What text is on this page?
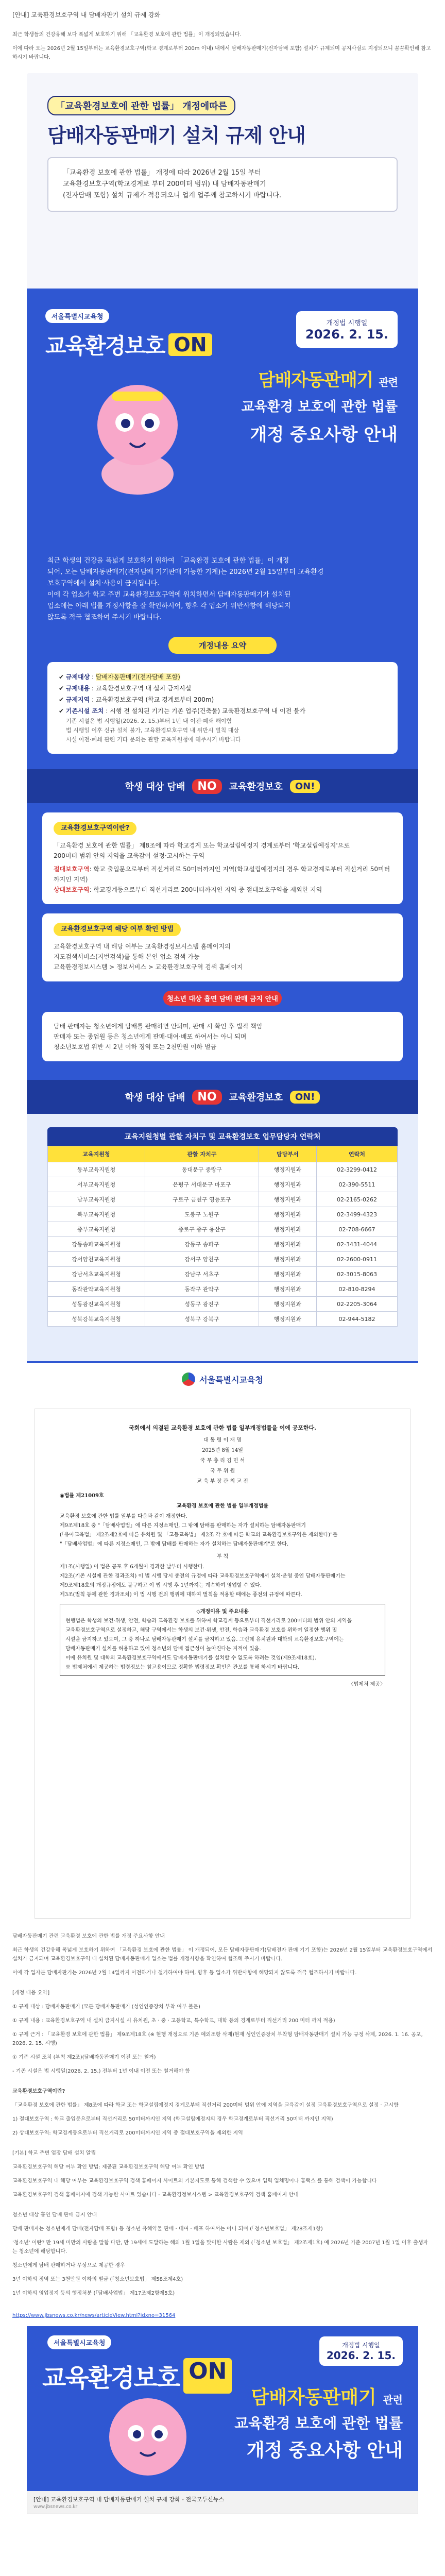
[안내] 교육환경보호구역 내 담배자판기 설치 규제 강화

최근 학생들의 건강유해 보다 폭넓게 보호하기 위해 「교육환경 보호에 관한 법률」이 개정되었습니다.

이에 따라 오는 2026년 2월 15일부터는 교육환경보호구역(학교 경계로부터 200m 이내) 내에서 담배자동판매기(전자담배 포함) 설치가 규제되며 공지사실로 지정되으니 꼼꼼확인해 참고하시기 바랍니다.

「교육환경보호에 관한 법률」 개정에따른
담배자동판매기 설치 규제 안내
「교육환경 보호에 관한 법률」 개정에 따라 2026년 2월 15일 부터
교육환경보호구역(학교경계로 부터 200미터 범위) 내 담배자동판매기
(전자담배 포함) 설치 규제가 적용되오니 업계 업주께 참고하시기 바랍니다.
서울특별시교육청
교육환경보호 ON
개정법 시행일
2026. 2. 15.
담배자동판매기 관련
교육환경 보호에 관한 법률
개정 중요사항 안내
최근 학생의 건강을 폭넓게 보호하기 위하여 「교육환경 보호에 관한 법률」이 개정
되어, 오는 담배자동판매기(전자담배 기기판매 가능한 기계)는 2026년 2월 15일부터 교육환경
보호구역에서 설치·사용이 금지됩니다.
이에 각 업소가 학교 주변 교육환경보호구역에 위치하면서 담배자동판매기가 설치된
업소에는 아래 법률 개정사항을 잘 확인하시어, 향후 각 업소가 위반사항에 해당되지
않도록 적극 협조하여 주시기 바랍니다.
개정내용 요약
✔ 규제대상 : 담배자동판매기(전자담배 포함)
✔ 규제내용 : 교육환경보호구역 내 설치 금지시설
✔ 규제지역 : 교육환경보호구역 (학교 경계로부터 200m)
✔ 기존시설 조치 : 시행 전 설치된 기기는 기존 업주(건축물) 교육환경보호구역 내 이전 불가
기존 시설은 법 시행일(2026. 2. 15.)부터 1년 내 이전·폐쇄 해야함
법 시행일 이후 신규 설치 불가, 교육환경보호구역 내 위반시 벌칙 대상
시설 이전·폐쇄 관련 기타 문의는 관할 교육지원청에 해주시기 바랍니다
학생 대상 담배	NO	교육환경보호	ON!
교육환경보호구역이란?
「교육환경 보호에 관한 법률」 제8조에 따라 학교경계 또는 학교설립예정지 경계로부터 '학교설립예정지'으로
200미터 범위 안의 지역을 교육감이 설정·고시하는 구역
절대보호구역: 학교 출입문으로부터 직선거리로 50미터까지인 지역(학교설립예정지의 경우 학교경계로부터 직선거리 50미터까지인 지역)
상대보호구역: 학교경계등으로부터 직선거리로 200미터까지인 지역 중 절대보호구역을 제외한 지역
교육환경보호구역 해당 여부 확인 방법
교육환경보호구역 내 해당 여부는 교육환경정보시스템 홈페이지의
지도검색서비스(지번검색)를 통해 본인 업소 검색 가능
교육환경정보시스템 > 정보서비스 > 교육환경보호구역 검색 홈페이지
청소년 대상 흡연 담배 판매 금지 안내
담배 판매자는 청소년에게 담배를 판매하면 안되며, 판매 시 확인 후 법적 책임
판매자 또는 종업원 등은 청소년에게 판매·대여·배포 하여서는 아니 되며
청소년보호법 위반 시 2년 이하 징역 또는 2천만원 이하 벌금
학생 대상 담배	NO	교육환경보호	ON!
교육지원청별 관할 자치구 및 교육환경보호 업무담당자 연락처
교육지원청	관할 자치구	담당부서	연락처
동부교육지원청	동대문구 중랑구	행정지원과	02-3299-0412
서부교육지원청	은평구 서대문구 마포구	행정지원과	02-390-5511
남부교육지원청	구로구 금천구 영등포구	행정지원과	02-2165-0262
북부교육지원청	도봉구 노원구	행정지원과	02-3499-4323
중부교육지원청	종로구 중구 용산구	행정지원과	02-708-6667
강동송파교육지원청	강동구 송파구	행정지원과	02-3431-4044
강서양천교육지원청	강서구 양천구	행정지원과	02-2600-0911
강남서초교육지원청	강남구 서초구	행정지원과	02-3015-8063
동작관악교육지원청	동작구 관악구	행정지원과	02-810-8294
성동광진교육지원청	성동구 광진구	행정지원과	02-2205-3064
성북강북교육지원청	성북구 강북구	행정지원과	02-944-5182
서울특별시교육청
국회에서 의결된 교육환경 보호에 관한 법률 일부개정법률을 이에 공포한다.
대 통 령 이 재 명
2025년 8월 14일
국 무 총 리 김 민 석
국 무 위 원
교 육 부 장 관 최 교 진
◉법률 제21009호
교육환경 보호에 관한 법률 일부개정법률
교육환경 보호에 관한 법률 일부를 다음과 같이 개정한다.
제9조제18호 중 "「담배사업법」에 따른 지정소매인, 그 밖에 담배를 판매하는 자가 설치하는 담배자동판매기
(「유아교육법」 제2조제2호에 따른 유치원 및 「고등교육법」 제2조 각 호에 따른 학교의 교육환경보호구역은 제외한다)"를
"「담배사업법」에 따른 지정소매인, 그 밖에 담배를 판매하는 자가 설치하는 담배자동판매기"로 한다.
부 칙
제1조(시행일) 이 법은 공포 후 6개월이 경과한 날부터 시행한다.
제2조(기존 시설에 관한 경과조치) 이 법 시행 당시 종전의 규정에 따라 교육환경보호구역에서 설치·운영 중인 담배자동판매기는
제9조제18호의 개정규정에도 불구하고 이 법 시행 후 1년까지는 계속하여 영업할 수 있다.
제3조(벌칙 등에 관한 경과조치) 이 법 시행 전의 행위에 대하여 벌칙을 적용할 때에는 종전의 규정에 따른다.
◇개정이유 및 주요내용
현행법은 학생의 보건·위생, 안전, 학습과 교육환경 보호를 위하여 학교경계 등으로부터 직선거리로 200미터의 범위 안의 지역을
교육환경보호구역으로 설정하고, 해당 구역에서는 학생의 보건·위생, 안전, 학습과 교육환경 보호를 위하여 일정한 행위 및
시설을 금지하고 있으며, 그 중 하나로 담배자동판매기 설치를 금지하고 있음. 그런데 유치원과 대학의 교육환경보호구역에는
담배자동판매기 설치를 허용하고 있어 청소년의 담배 접근성이 높아진다는 지적이 있음.
이에 유치원 및 대학의 교육환경보호구역에서도 담배자동판매기를 설치할 수 없도록 하려는 것임(제9조제18호).
※ 법제처에서 제공하는 법령정보는 참고용이므로 정확한 법령정보 확인은 관보를 통해 하시기 바랍니다.
〈법제처 제공〉

담배자동판매기 관련 교육환경 보호에 관한 법률 개정 주요사항 안내

최근 학생의 건강유해 폭넓게 보호하기 위하여 「교육환경 보호에 관한 법률」 이 개정되어, 모든 담배자동판매기(담배전자 판매 기기 포함)는 2026년 2월 15일부터 교육환경보호구역에서 설치가 금지되며 교육환경보호구역 내 설치된 담배자동판매기 업소는 법률 개정사항을 확인하여 협조해 주시기 바랍니다.

이에 각 업자분 담배자판기는 2026년 2월 14일까지 이전하거나 철거하여야 하며, 향후 등 업소가 위반사항에 해당되지 않도록 적극 협조하시기 바랍니다.

[개정 내용 요약]

① 규제 대상 : 담배자동판매기 (모든 담배자동판매기 (성인인증장치 부착 여부 불문)

① 규제 내용 : 교육환경보호구역 내 설치 금지시설 시 유치원, 초 · 중 · 고등학교, 특수학교, 대학 등의 경계로부터 직선거리 200 미터 까지 적용)

① 규제 근거 : 「교육환경 보호에 관한 법률」 제9조제18호 (※ 현행 개정으로 기존 예외조항 삭제)현재 성인인증장치 부착형 담배자동판매기 설치 가능 규정 삭제, 2026. 1. 16. 공포, 2026. 2. 15. 시행)

① 기존 시설 조치 (부칙 제2조)(담배자동판매기 이전 또는 철거)

- 기존 시설은 법 시행일(2026. 2. 15.) 전부터 1년 이내 이전 또는 철거해야 함

교육환경보호구역이란?

「교육환경 보호에 관한 법률」 제8조에 따라 학교 또는 학교설립예정지 경계로부터 직선거리 200미터 범위 안에 지역을 교육감이 설정 교육환경보호구역으로 설정 · 고시함

1) 절대보호구역 : 학교 출입문으로부터 직선거리로 50미터까지인 지역 (학교설립예정지의 경우 학교경계로부터 직선거리 50미터 까지인 지역)

2) 상대보호구역: 학교경계등으로부터 직선거리로 200미터까지인 지역 중 절대보호구역을 제외한 지역

[기본] 학교 주변 업장 담배 설치 알림

교육환경보호구역 해당 여부 확인 방법: 제공된 교육환경보호구역 해당 여부 확인 방법

교육환경보호구역 내 해당 여부는 교육환경보호구역 검색 홈페이지 사이트의 기본지도로 통해 검색할 수 있으며 입력 업체명이나 홈택스 를 통해 검색이 가능합니다

교육환경보호구역 검색 홈페이지에 검색 가능한 사이트 있습니다 - 교육환경정보시스템 > 교육환경보호구역 검색 홈페이지 안내

청소년 대상 흡연 담배 판매 금지 안내

담배 판매자는 청소년에게 담배(전자담배 포함) 등 청소년 유해약물 판매 · 대여 · 배포 하여서는 아니 되며 (「청소년보호법」 제28조제1항)

'청소년' 이란? 만 19세 미만의 사람을 말함 다만, 만 19세에 도달하는 해의 1월 1일을 맞이한 사람은 제외 (「청소년 보호법」 제2조제1호) 예 2026년 기준 2007년 1월 1일 이후 출생자는 청소년에 해당합니다.

청소년에게 담배 판매하거나 무상으로 제공한 경우

3년 이하의 징역 또는 3천만원 이하의 벌금 (「청소년보호법」 제58조제4호)

1년 이하의 영업정지 등의 행정처분 (「담배사업법」 제17조제2항제5호)

https://www.jbsnews.co.kr/news/articleView.html?idxno=31564
서울특별시교육청
교육환경보호 ON
개정법 시행일
2026. 2. 15.
담배자동판매기 관련
교육환경 보호에 관한 법률
개정 중요사항 안내
[안내] 교육환경보호구역 내 담배자동판매기 설치 규제 강화 - 전국모두신뉴스
www.jbsnews.co.kr
